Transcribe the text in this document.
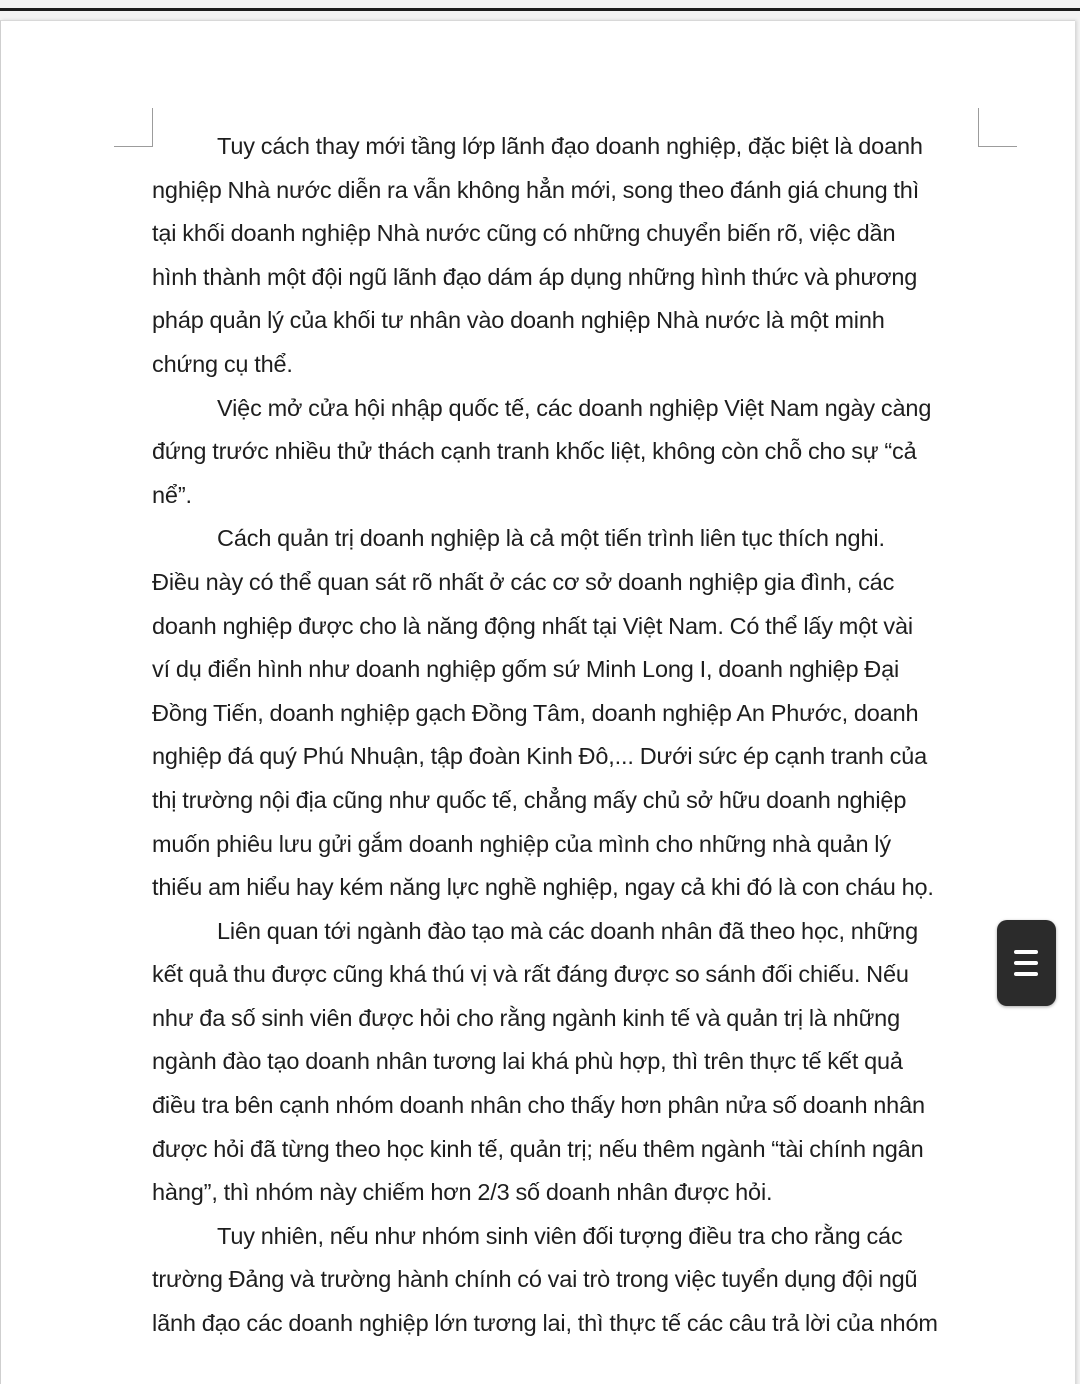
Tuy cách thay mới tầng lớp lãnh đạo doanh nghiệp, đặc biệt là doanh
nghiệp Nhà nước diễn ra vẫn không hẳn mới, song theo đánh giá chung thì
tại khối doanh nghiệp Nhà nước cũng có những chuyển biến rõ, việc dần
hình thành một đội ngũ lãnh đạo dám áp dụng những hình thức và phương
pháp quản lý của khối tư nhân vào doanh nghiệp Nhà nước là một minh
chứng cụ thể.
Việc mở cửa hội nhập quốc tế, các doanh nghiệp Việt Nam ngày càng
đứng trước nhiều thử thách cạnh tranh khốc liệt, không còn chỗ cho sự “cả
nể”.
Cách quản trị doanh nghiệp là cả một tiến trình liên tục thích nghi.
Điều này có thể quan sát rõ nhất ở các cơ sở doanh nghiệp gia đình, các
doanh nghiệp được cho là năng động nhất tại Việt Nam. Có thể lấy một vài
ví dụ điển hình như doanh nghiệp gốm sứ Minh Long I, doanh nghiệp Đại
Đồng Tiến, doanh nghiệp gạch Đồng Tâm, doanh nghiệp An Phước, doanh
nghiệp đá quý Phú Nhuận, tập đoàn Kinh Đô,... Dưới sức ép cạnh tranh của
thị trường nội địa cũng như quốc tế, chẳng mấy chủ sở hữu doanh nghiệp
muốn phiêu lưu gửi gắm doanh nghiệp của mình cho những nhà quản lý
thiếu am hiểu hay kém năng lực nghề nghiệp, ngay cả khi đó là con cháu họ.
Liên quan tới ngành đào tạo mà các doanh nhân đã theo học, những
kết quả thu được cũng khá thú vị và rất đáng được so sánh đối chiếu. Nếu
như đa số sinh viên được hỏi cho rằng ngành kinh tế và quản trị là những
ngành đào tạo doanh nhân tương lai khá phù hợp, thì trên thực tế kết quả
điều tra bên cạnh nhóm doanh nhân cho thấy hơn phân nửa số doanh nhân
được hỏi đã từng theo học kinh tế, quản trị; nếu thêm ngành “tài chính ngân
hàng”, thì nhóm này chiếm hơn 2/3 số doanh nhân được hỏi.
Tuy nhiên, nếu như nhóm sinh viên đối tượng điều tra cho rằng các
trường Đảng và trường hành chính có vai trò trong việc tuyển dụng đội ngũ
lãnh đạo các doanh nghiệp lớn tương lai, thì thực tế các câu trả lời của nhóm
